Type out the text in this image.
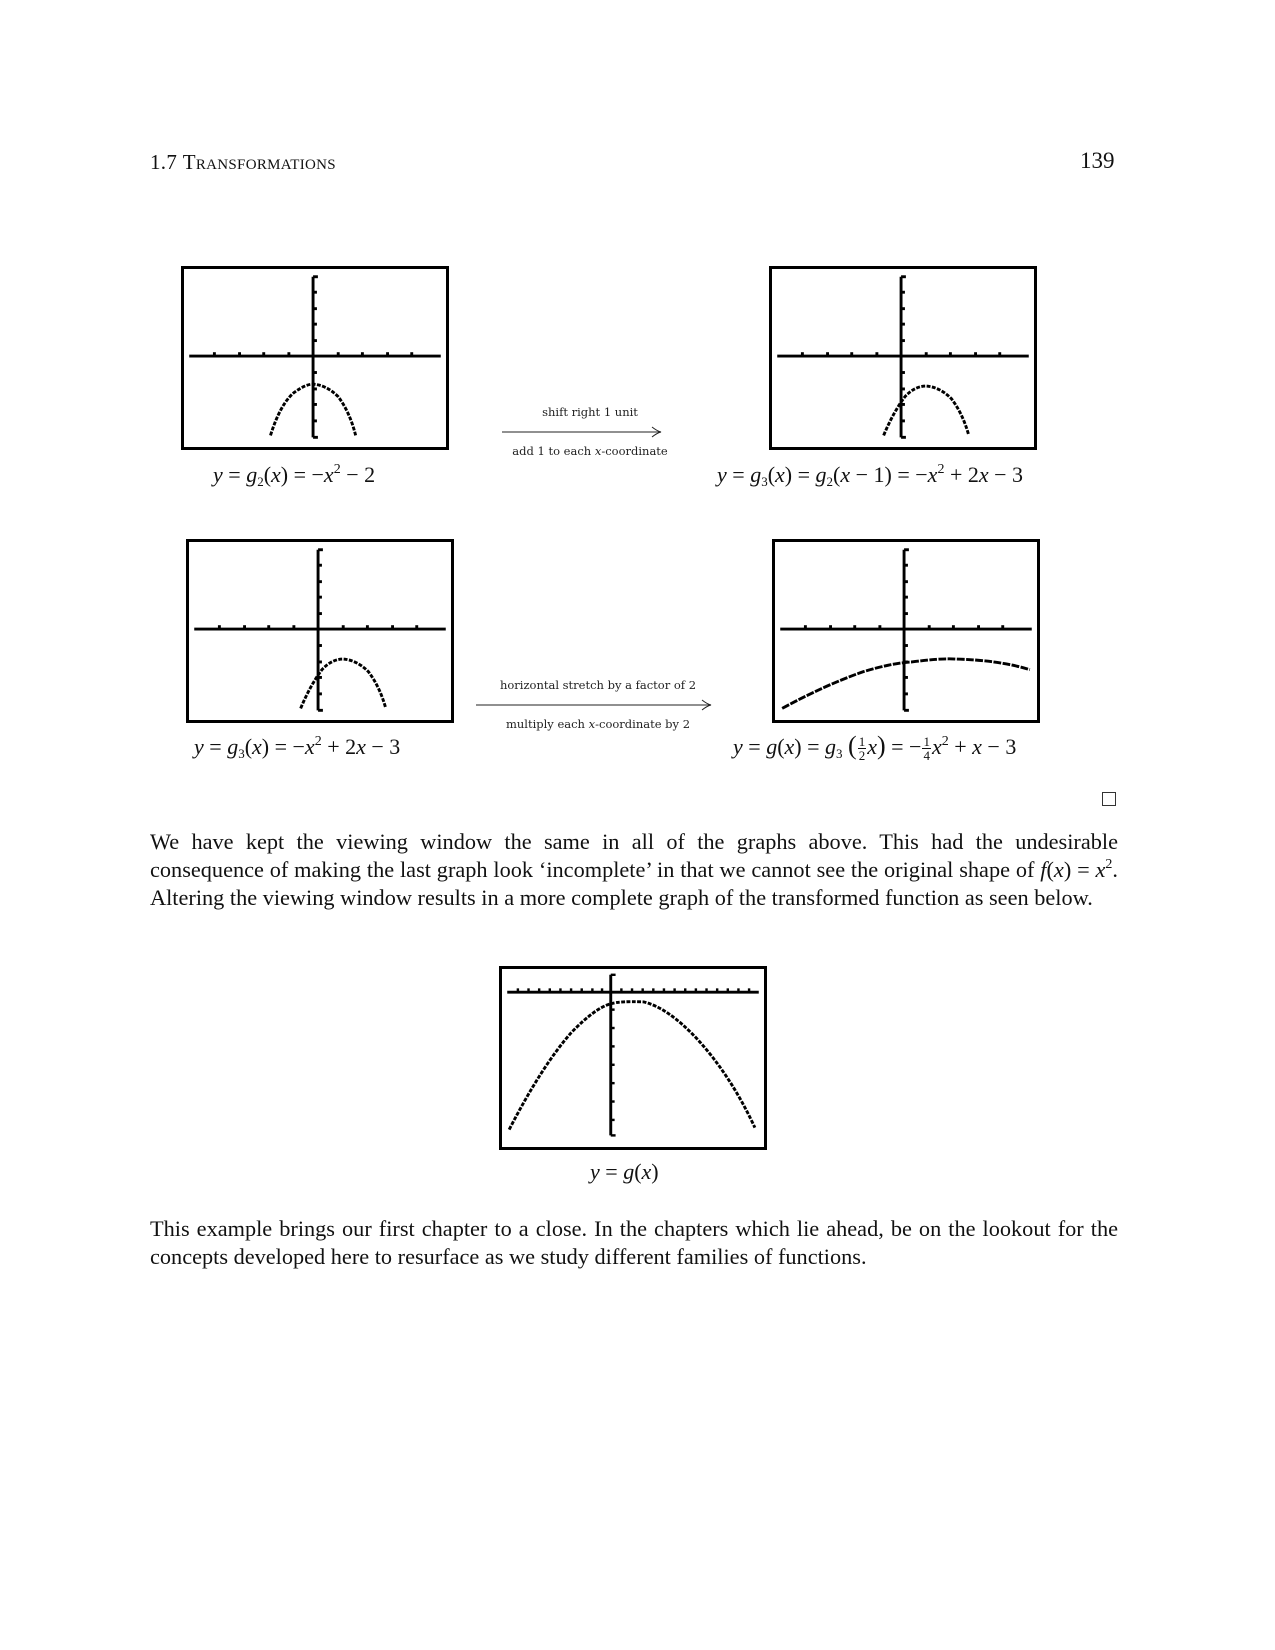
1.7 Transformations	139
$y = g_2(x) = -x^2 - 2$
shift right 1 unit
add 1 to each x-coordinate
$y = g_3(x) = g_2(x - 1) = -x^2 + 2x - 3$
$y = g_3(x) = -x^2 + 2x - 3$
horizontal stretch by a factor of 2
multiply each x-coordinate by 2
$y = g(x) = g_3$ ( $\frac{1}{2} x$) = − $\frac{1}{4} x^2 + x - 3$
We have kept the viewing window the same in all of the graphs above. This had the undesirable consequence of making the last graph look ‘incomplete’ in that we cannot see the original shape of $f(x) = x^2$. Altering the viewing window results in a more complete graph of the transformed function as seen below.
y = g(x)
This example brings our first chapter to a close. In the chapters which lie ahead, be on the lookout for the concepts developed here to resurface as we study different families of functions.
